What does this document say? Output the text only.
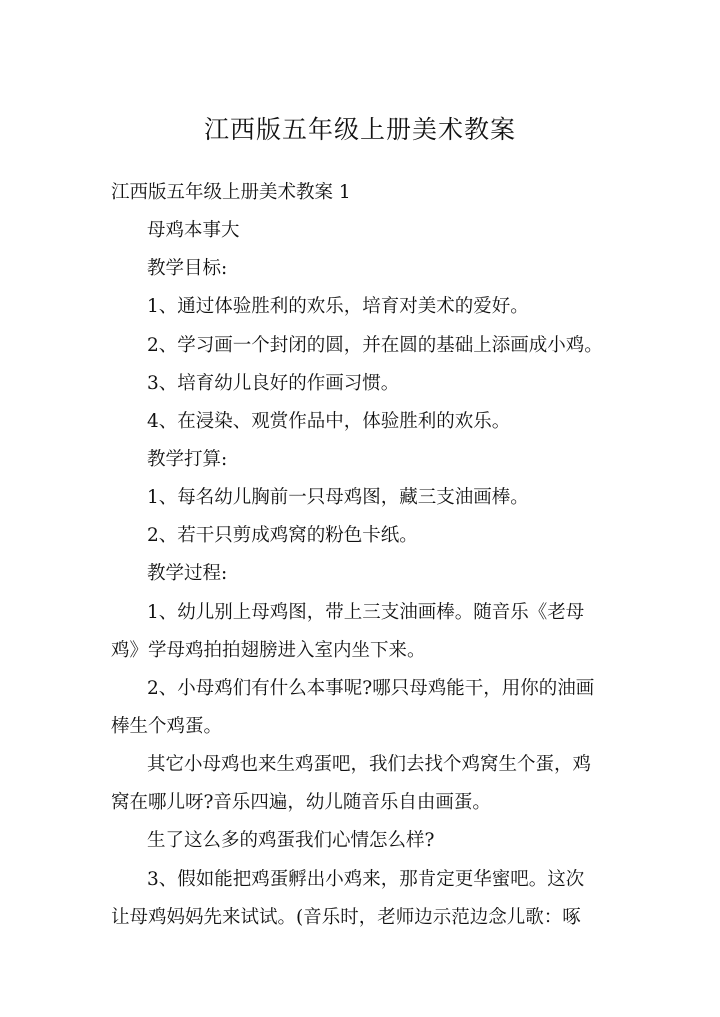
江西版五年级上册美术教案
江西版五年级上册美术教案 1
母鸡本事大
教学目标:
1、通过体验胜利的欢乐，培育对美术的爱好。
2、学习画一个封闭的圆，并在圆的基础上添画成小鸡。
3、培育幼儿良好的作画习惯。
4、在浸染、观赏作品中，体验胜利的欢乐。
教学打算:
1、每名幼儿胸前一只母鸡图，藏三支油画棒。
2、若干只剪成鸡窝的粉色卡纸。
教学过程:
1、幼儿别上母鸡图，带上三支油画棒。随音乐《老母
鸡》学母鸡拍拍翅膀进入室内坐下来。
2、小母鸡们有什么本事呢?哪只母鸡能干，用你的油画
棒生个鸡蛋。
其它小母鸡也来生鸡蛋吧，我们去找个鸡窝生个蛋，鸡
窝在哪儿呀?音乐四遍，幼儿随音乐自由画蛋。
生了这么多的鸡蛋我们心情怎么样?
3、假如能把鸡蛋孵出小鸡来，那肯定更华蜜吧。这次
让母鸡妈妈先来试试。(音乐时，老师边示范边念儿歌：啄
